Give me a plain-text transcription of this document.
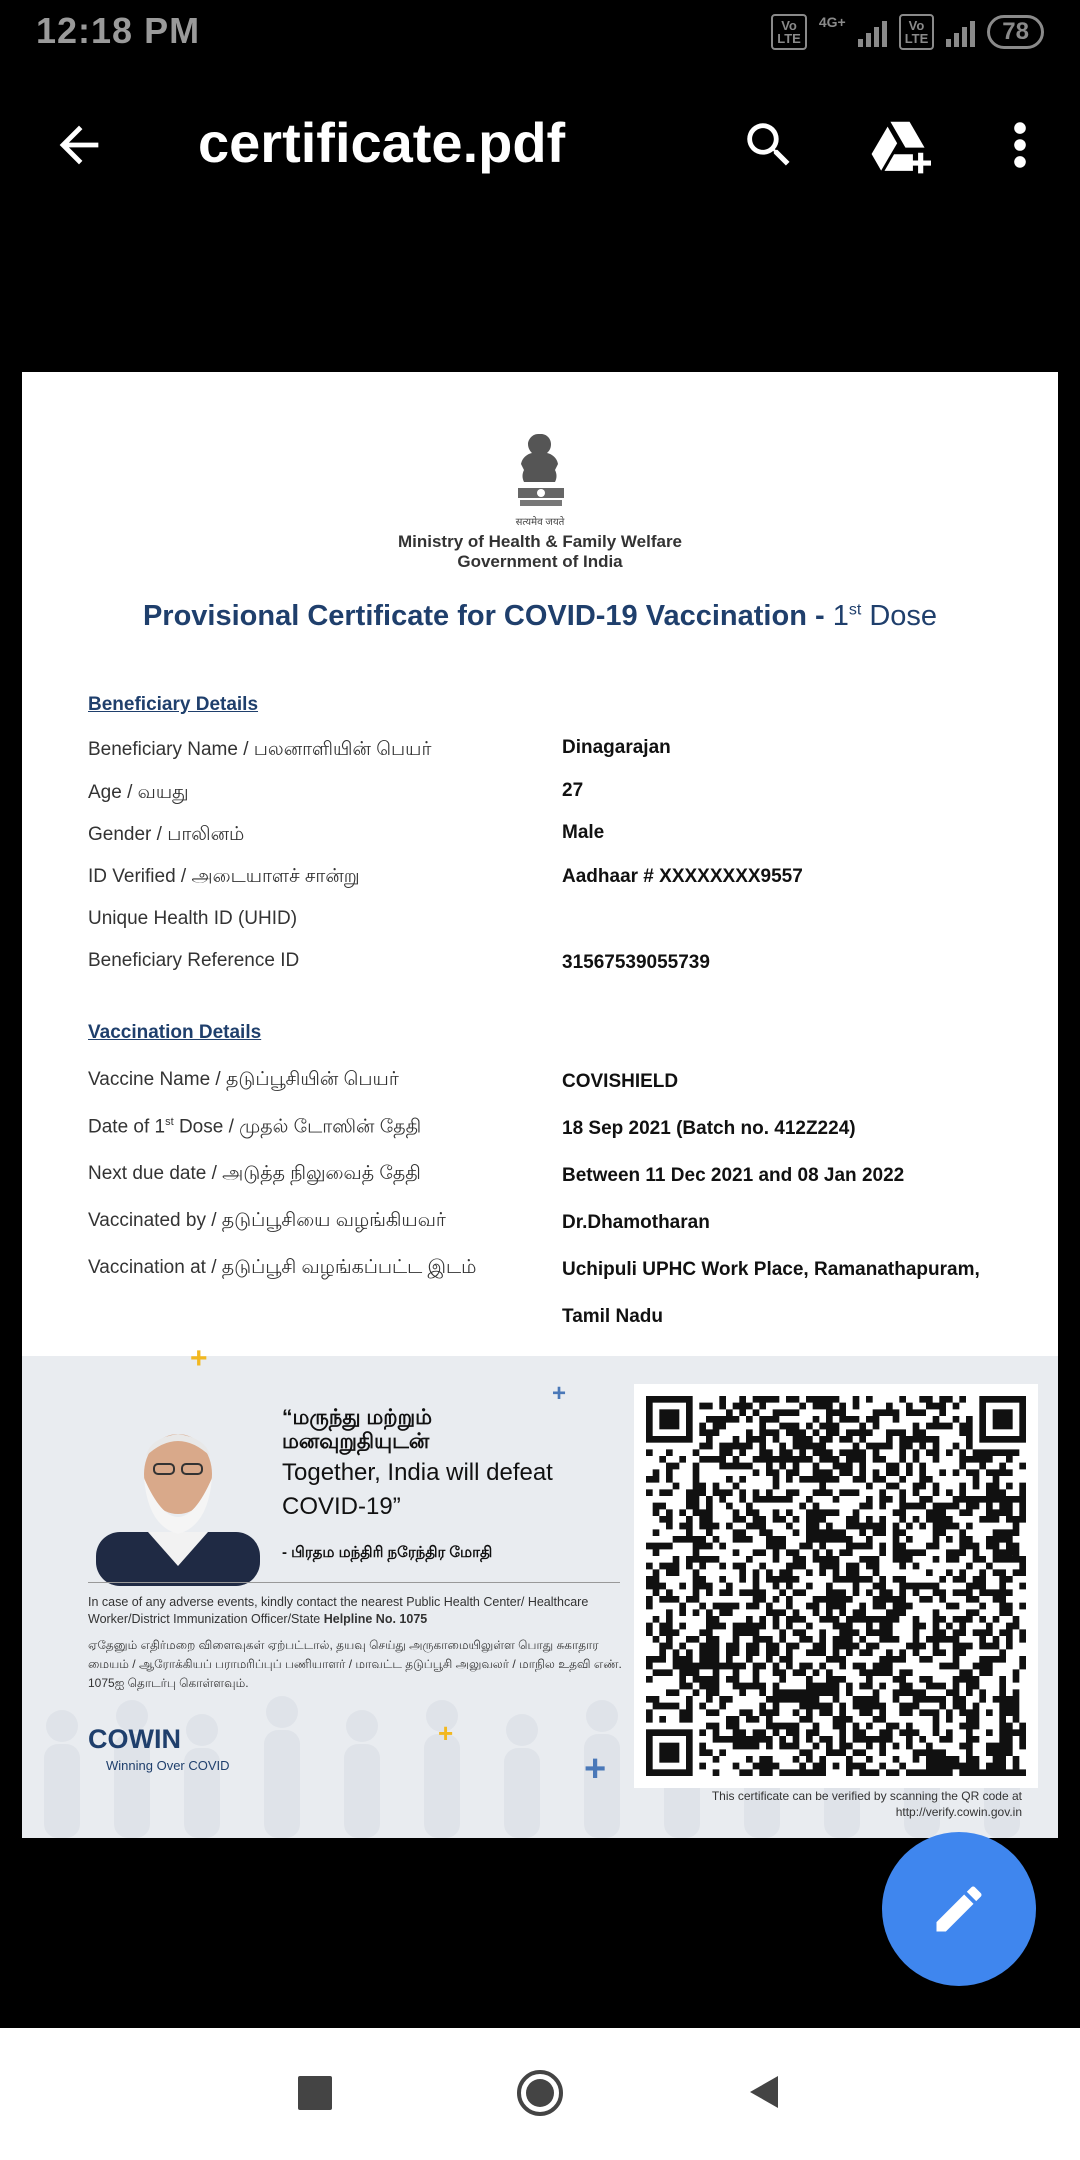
12:18 PM	Vo
LTE
4G+	Vo
LTE	78
certificate.pdf
सत्यमेव जयते
Ministry of Health & Family Welfare
Government of India
Provisional Certificate for COVID-19 Vaccination - 1st Dose
Beneficiary Details
Beneficiary Name / பலனாளியின் பெயர்	Dinagarajan
Age / வயது	27
Gender / பாலினம்	Male
ID Verified / அடையாளச் சான்று	Aadhaar # XXXXXXXX9557
Unique Health ID (UHID)
Beneficiary Reference ID	31567539055739
Vaccination Details
Vaccine Name / தடுப்பூசியின் பெயர்	COVISHIELD
Date of 1st Dose / முதல் டோஸின் தேதி	18 Sep 2021 (Batch no. 412Z224)
Next due date / அடுத்த நிலுவைத் தேதி	Between 11 Dec 2021 and 08 Jan 2022
Vaccinated by / தடுப்பூசியை வழங்கியவர்	Dr.Dhamotharan
Vaccination at / தடுப்பூசி வழங்கப்பட்ட இடம்	Uchipuli UPHC Work Place, Ramanathapuram,
Tamil Nadu
“மருந்து மற்றும்
மனவுறுதியுடன்
Together, India will defeat COVID-19”
- பிரதம மந்திரி நரேந்திர மோதி
In case of any adverse events, kindly contact the nearest Public Health Center/ Healthcare Worker/District Immunization Officer/State Helpline No. 1075
ஏதேனும் எதிர்மறை விளைவுகள் ஏற்பட்டால், தயவு செய்து அருகாமையிலுள்ள பொது சுகாதார மையம் / ஆரோக்கியப் பராமரிப்புப் பணியாளர் / மாவட்ட தடுப்பூசி அலுவலர் / மாநில உதவி எண். 1075ஐ தொடர்பு கொள்ளவும்.
COWIN
Winning Over COVID
+
+
+
+
This certificate can be verified by scanning the QR code at
http://verify.cowin.gov.in
